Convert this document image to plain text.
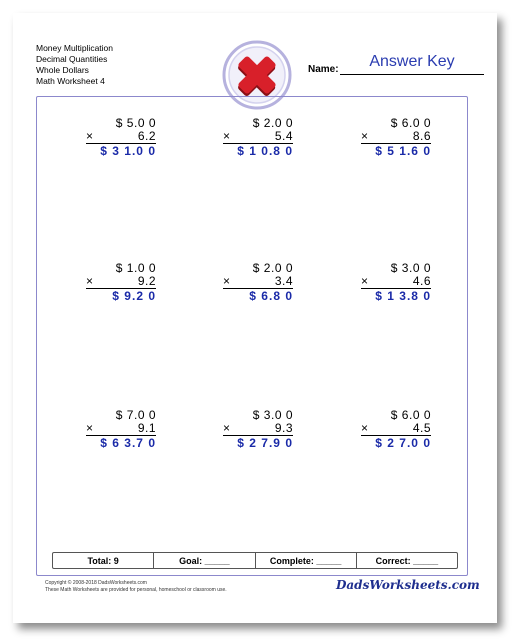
Money Multiplication
Decimal Quantities
Whole Dollars
Math Worksheet 4
Name:	Answer Key
$ 5.0 0
×	6.2
$ 3 1.0 0
$ 2.0 0
×	5.4
$ 1 0.8 0
$ 6.0 0
×	8.6
$ 5 1.6 0
$ 1.0 0
×	9.2
$ 9.2 0
$ 2.0 0
×	3.4
$ 6.8 0
$ 3.0 0
×	4.6
$ 1 3.8 0
$ 7.0 0
×	9.1
$ 6 3.7 0
$ 3.0 0
×	9.3
$ 2 7.9 0
$ 6.0 0
×	4.5
$ 2 7.0 0
Total: 9	Goal: _____	Complete: _____	Correct: _____
Copyright © 2008-2018 DadsWorksheets.com
These Math Worksheets are provided for personal, homeschool or classroom use.	DadsWorksheets.com
